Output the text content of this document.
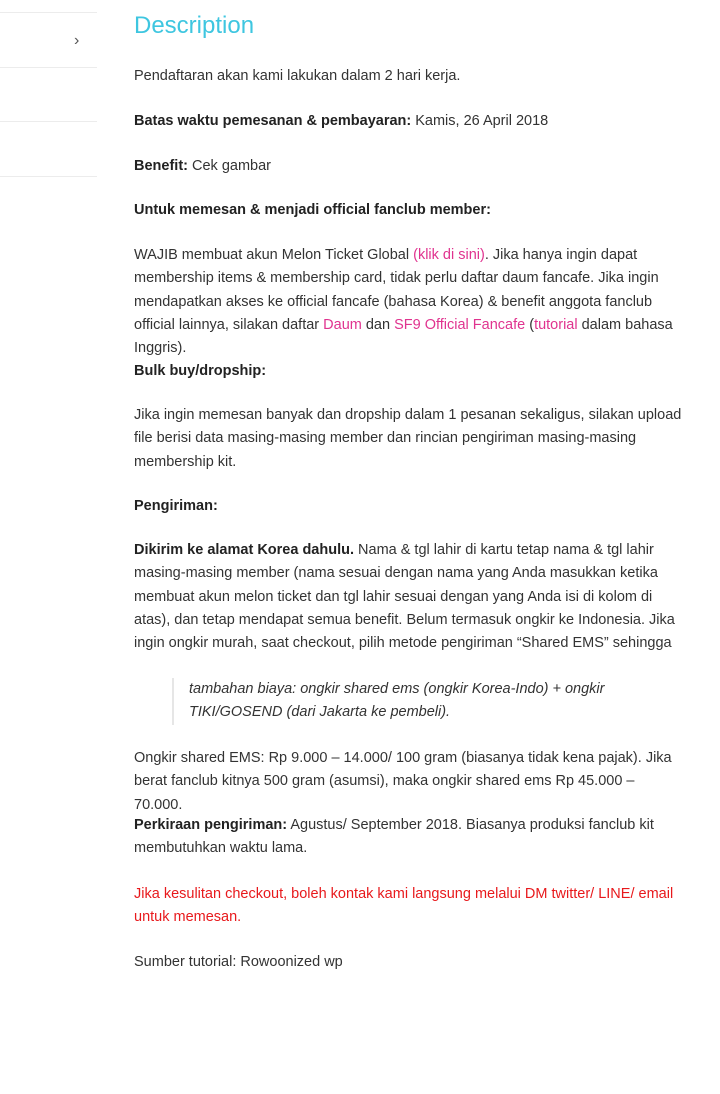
›
Description

Pendaftaran akan kami lakukan dalam 2 hari kerja.

Batas waktu pemesanan & pembayaran: Kamis, 26 April 2018

Benefit: Cek gambar

Untuk memesan & menjadi official fanclub member:

WAJIB membuat akun Melon Ticket Global (klik di sini). Jika hanya ingin dapat membership items & membership card, tidak perlu daftar daum fancafe. Jika ingin mendapatkan akses ke official fancafe (bahasa Korea) & benefit anggota fanclub official lainnya, silakan daftar Daum dan SF9 Official Fancafe (tutorial dalam bahasa Inggris).

Bulk buy/dropship:

Jika ingin memesan banyak dan dropship dalam 1 pesanan sekaligus, silakan upload file berisi data masing-masing member dan rincian pengiriman masing-masing membership kit.

Pengiriman:

Dikirim ke alamat Korea dahulu. Nama & tgl lahir di kartu tetap nama & tgl lahir masing-masing member (nama sesuai dengan nama yang Anda masukkan ketika membuat akun melon ticket dan tgl lahir sesuai dengan yang Anda isi di kolom di atas), dan tetap mendapat semua benefit. Belum termasuk ongkir ke Indonesia. Jika ingin ongkir murah, saat checkout, pilih metode pengiriman “Shared EMS” sehingga

tambahan biaya: ongkir shared ems (ongkir Korea-Indo) + ongkir TIKI/GOSEND (dari Jakarta ke pembeli).

Ongkir shared EMS: Rp 9.000 – 14.000/ 100 gram (biasanya tidak kena pajak). Jika berat fanclub kitnya 500 gram (asumsi), maka ongkir shared ems Rp 45.000 – 70.000.

Perkiraan pengiriman: Agustus/ September 2018. Biasanya produksi fanclub kit membutuhkan waktu lama.

Jika kesulitan checkout, boleh kontak kami langsung melalui DM twitter/ LINE/ email untuk memesan.

Sumber tutorial: Rowoonized wp
